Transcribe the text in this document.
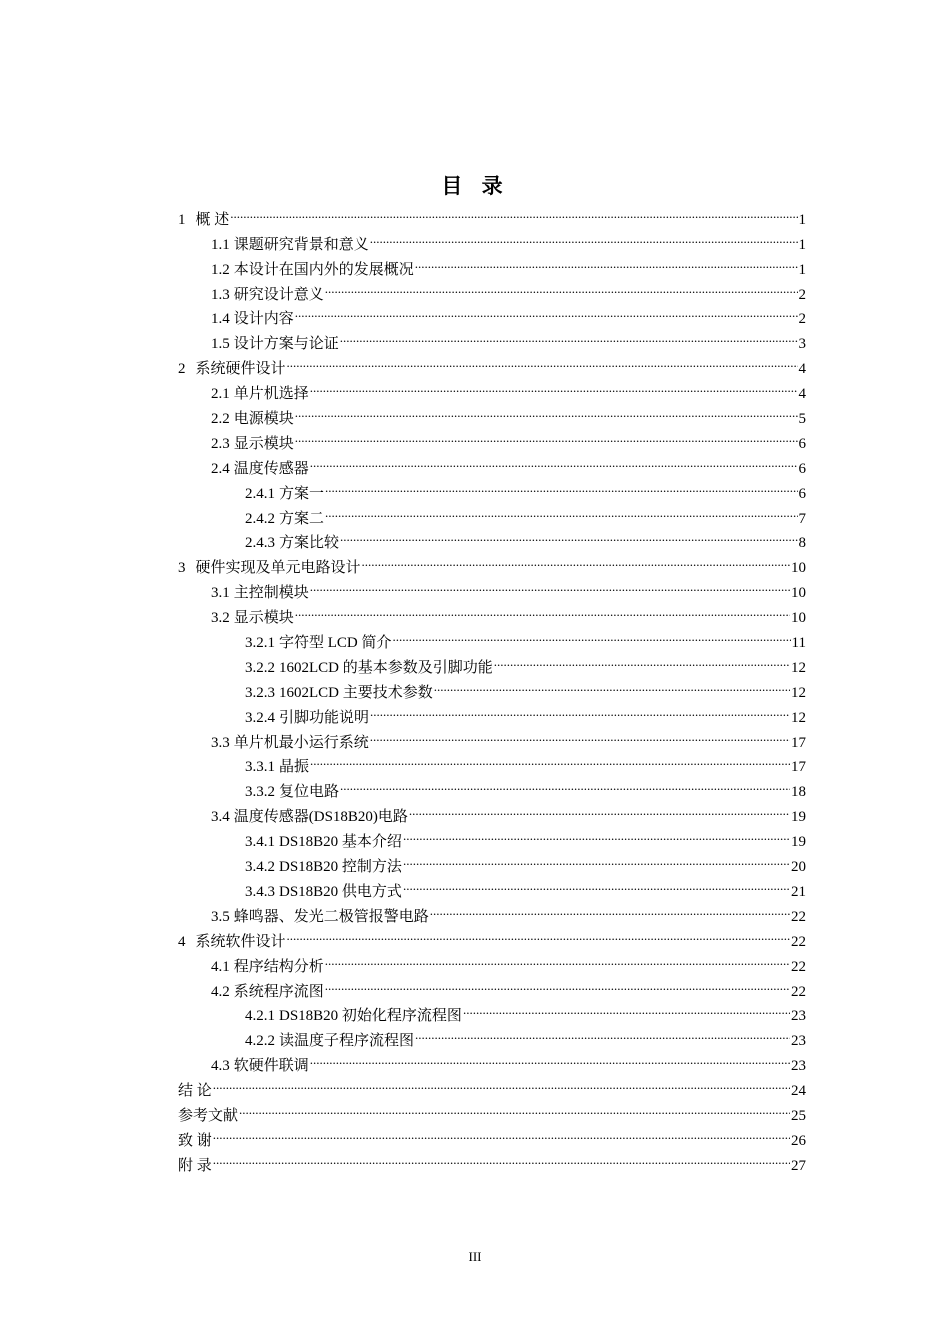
目 录
1 概 述 .....	1
1.1 课题研究背景和意义 .....	1
1.2 本设计在国内外的发展概况 .....	1
1.3 研究设计意义 .....	2
1.4 设计内容 .....	2
1.5 设计方案与论证 .....	3
2 系统硬件设计 .....	4
2.1 单片机选择 .....	4
2.2 电源模块 .....	5
2.3 显示模块 .....	6
2.4 温度传感器 .....	6
2.4.1 方案一 .....	6
2.4.2 方案二 .....	7
2.4.3 方案比较 .....	8
3 硬件实现及单元电路设计 .....	10
3.1 主控制模块 .....	10
3.2 显示模块 .....	10
3.2.1 字符型 LCD 简介 .....	11
3.2.2 1602LCD 的基本参数及引脚功能 .....	12
3.2.3 1602LCD 主要技术参数 .....	12
3.2.4 引脚功能说明 .....	12
3.3 单片机最小运行系统 .....	17
3.3.1 晶振 .....	17
3.3.2 复位电路 .....	18
3.4 温度传感器(DS18B20)电路 .....	19
3.4.1 DS18B20 基本介绍 .....	19
3.4.2 DS18B20 控制方法 .....	20
3.4.3 DS18B20 供电方式 .....	21
3.5 蜂鸣器、发光二极管报警电路 .....	22
4 系统软件设计 .....	22
4.1 程序结构分析 .....	22
4.2 系统程序流图 .....	22
4.2.1 DS18B20 初始化程序流程图 .....	23
4.2.2 读温度子程序流程图 .....	23
4.3 软硬件联调 .....	23
结 论 .....	24
参考文献 .....	25
致 谢 .....	26
附 录 .....	27
III
